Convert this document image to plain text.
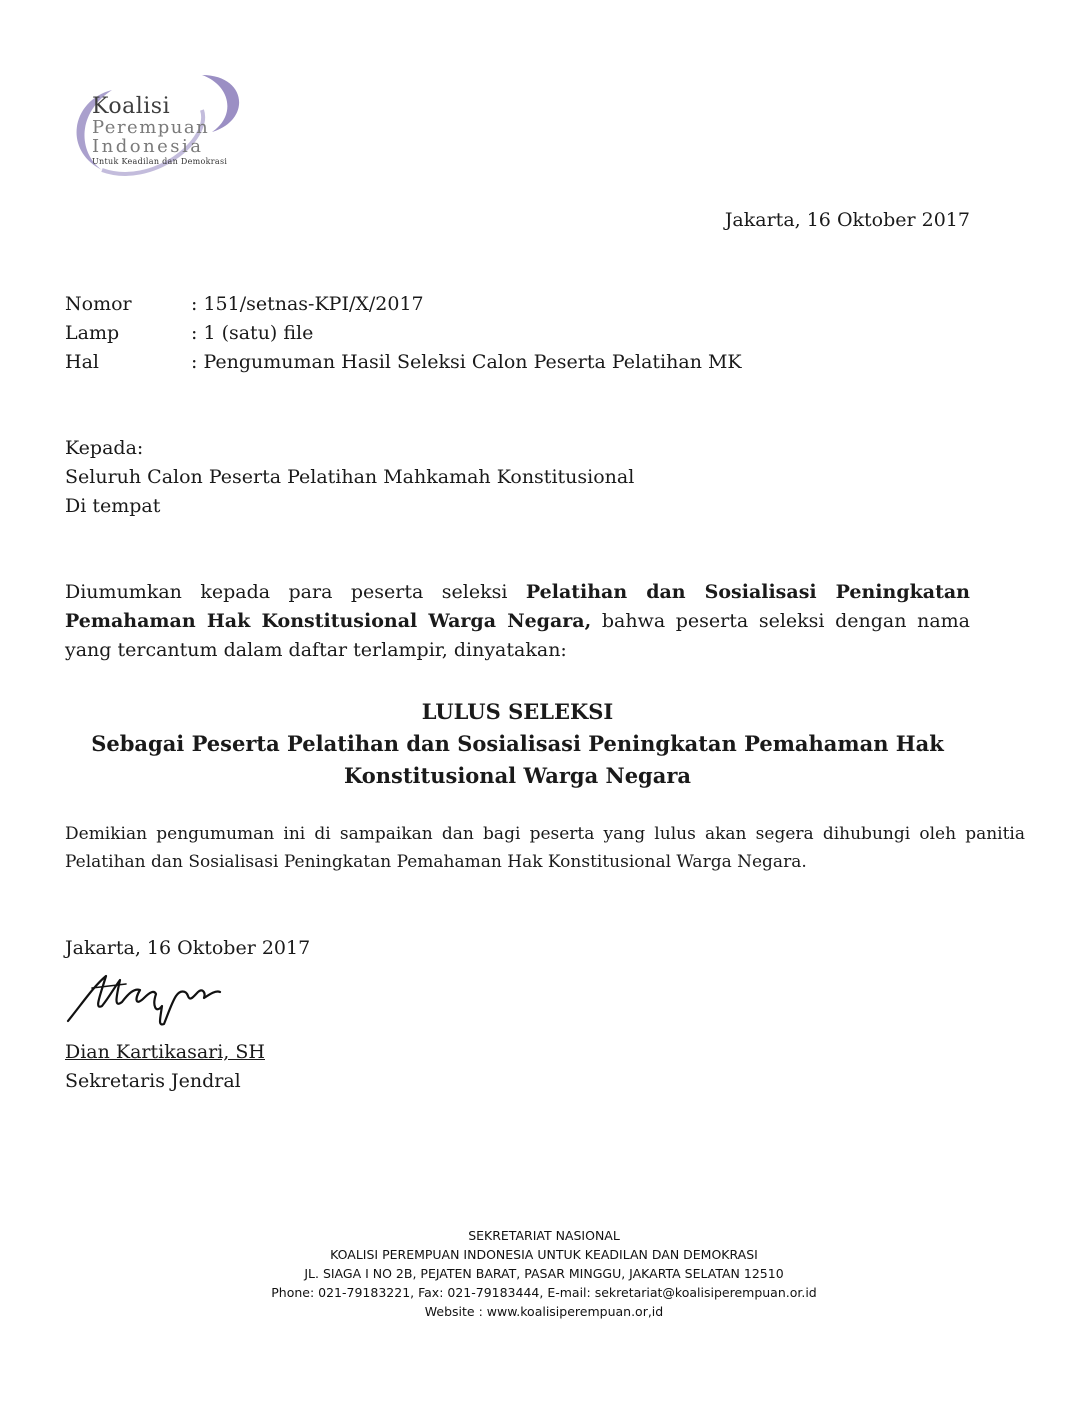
Koalisi
Perempuan
Indonesia
Untuk Keadilan dan Demokrasi
Jakarta, 16 Oktober 2017
Nomor	: 151/setnas-KPI/X/2017
Lamp	: 1 (satu) file
Hal	: Pengumuman Hasil Seleksi Calon Peserta Pelatihan MK
Kepada:
Seluruh Calon Peserta Pelatihan Mahkamah Konstitusional
Di tempat
Diumumkan kepada para peserta seleksi Pelatihan dan Sosialisasi Peningkatan Pemahaman Hak Konstitusional Warga Negara, bahwa peserta seleksi dengan nama yang tercantum dalam daftar terlampir, dinyatakan:
LULUS SELEKSI
Sebagai Peserta Pelatihan dan Sosialisasi Peningkatan Pemahaman Hak
Konstitusional Warga Negara
Demikian pengumuman ini di sampaikan dan bagi peserta yang lulus akan segera dihubungi oleh panitia Pelatihan dan Sosialisasi Peningkatan Pemahaman Hak Konstitusional Warga Negara.
Jakarta, 16 Oktober 2017
Dian Kartikasari, SH
Sekretaris Jendral
SEKRETARIAT NASIONAL
KOALISI PEREMPUAN INDONESIA UNTUK KEADILAN DAN DEMOKRASI
JL. SIAGA I NO 2B, PEJATEN BARAT, PASAR MINGGU, JAKARTA SELATAN 12510
Phone: 021-79183221, Fax: 021-79183444, E-mail: sekretariat@koalisiperempuan.or.id
Website : www.koalisiperempuan.or,id
